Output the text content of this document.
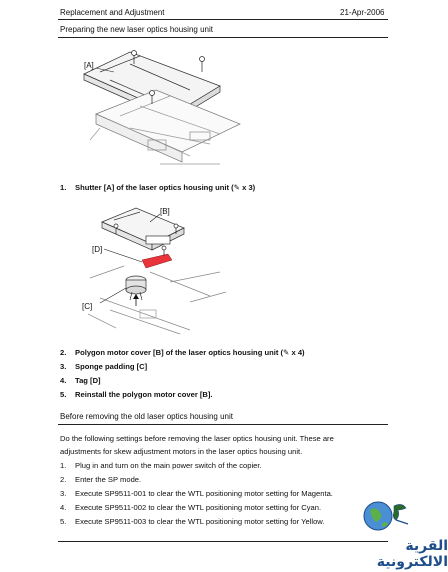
Replacement and Adjustment	21-Apr-2006
Preparing the new laser optics housing unit
[A]
1. Shutter [A] of the laser optics housing unit (✎ x 3)
[B]
[D]
[C]
2. Polygon motor cover [B] of the laser optics housing unit (✎ x 4)
3. Sponge padding [C]
4. Tag [D]
5. Reinstall the polygon motor cover [B].
Before removing the old laser optics housing unit
Do the following settings before removing the laser optics housing unit. These are adjustments for skew adjustment motors in the laser optics housing unit.
1. Plug in and turn on the main power switch of the copier.
2. Enter the SP mode.
3. Execute SP9511-001 to clear the WTL positioning motor setting for Magenta.
4. Execute SP9511-002 to clear the WTL positioning motor setting for Cyan.
5. Execute SP9511-003 to clear the WTL positioning motor setting for Yellow.
القرية الالكترونية
